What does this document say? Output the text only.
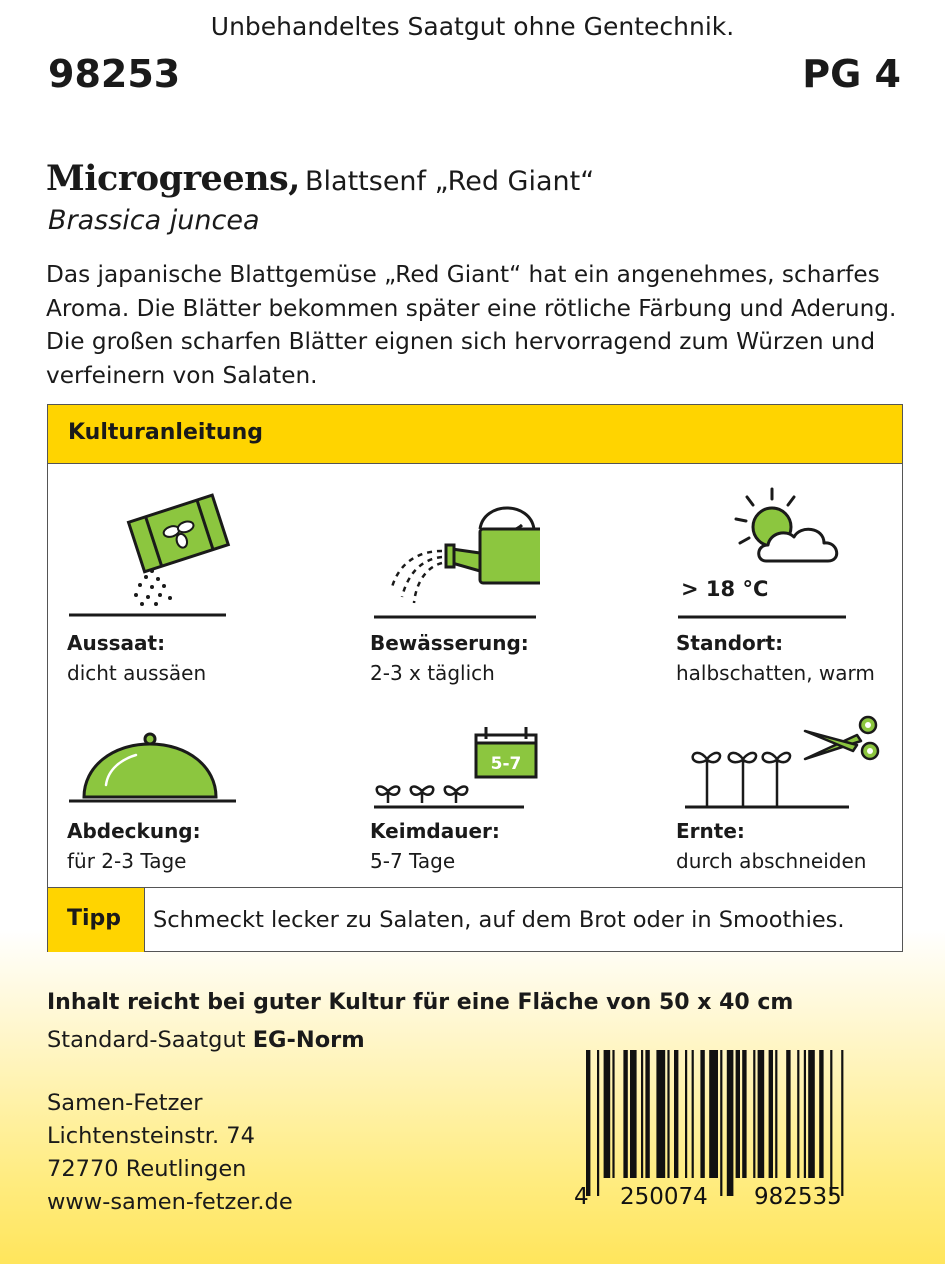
Unbehandeltes Saatgut ohne Gentechnik.
98253	PG 4
Microgreens, Blattsenf „Red Giant“
Brassica juncea
Das japanische Blattgemüse „Red Giant“ hat ein angenehmes, scharfes Aroma. Die Blätter bekommen später eine rötliche Färbung und Aderung. Die großen scharfen Blätter eignen sich hervorragend zum Würzen und verfeinern von Salaten.
Kulturanleitung
Aussaat:
dicht aussäen
Bewässerung:
2-3 x täglich
> 18 °C
Standort:
halbschatten, warm
Abdeckung:
für 2-3 Tage
5-7
Keimdauer:
5-7 Tage
Ernte:
durch abschneiden
Tipp Schmeckt lecker zu Salaten, auf dem Brot oder in Smoothies.
Inhalt reicht bei guter Kultur für eine Fläche von 50 x 40 cm
Standard-Saatgut EG-Norm
Samen-Fetzer
Lichtensteinstr. 74
72770 Reutlingen
www-samen-fetzer.de	4 250074 982535
